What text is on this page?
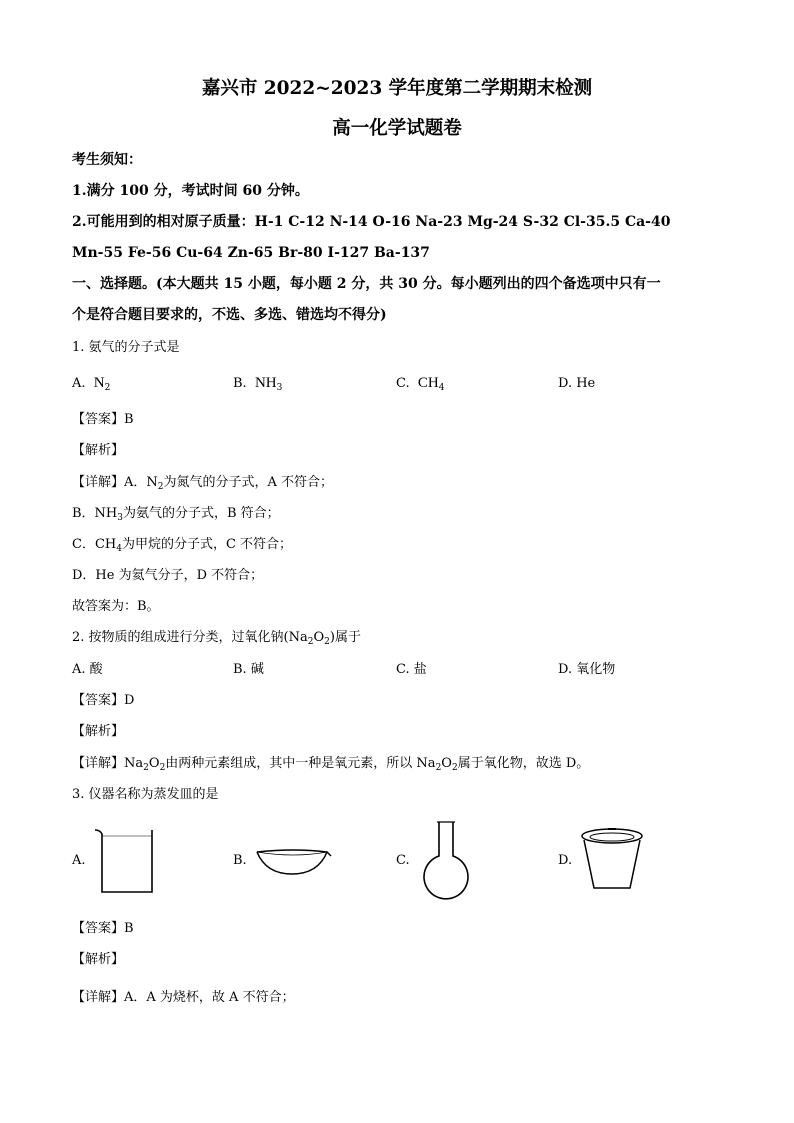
嘉兴市 2022~2023 学年度第二学期期末检测
高一化学试题卷
考生须知：
1.满分 100 分，考试时间 60 分钟。
2.可能用到的相对原子质量：H-1 C-12 N-14 O-16 Na-23 Mg-24 S-32 Cl-35.5 Ca-40
Mn-55 Fe-56 Cu-64 Zn-65 Br-80 I-127 Ba-137
一、选择题。(本大题共 15 小题，每小题 2 分，共 30 分。每小题列出的四个备选项中只有一
个是符合题目要求的，不选、多选、错选均不得分)
1. 氨气的分子式是
A. $N_2$	B. $NH_3$	C. $CH_4$	D. He
【答案】B
【解析】
【详解】A．$N_2$为氮气的分子式，A 不符合；
B．$NH_3$为氨气的分子式，B 符合；
C．$CH_4$为甲烷的分子式，C 不符合；
D．He 为氦气分子，D 不符合；
故答案为：B。
2. 按物质的组成进行分类，过氧化钠$(Na_2O_2)$属于
A. 酸	B. 碱	C. 盐	D. 氧化物
【答案】D
【解析】
【详解】$Na_2O_2$由两种元素组成，其中一种是氧元素，所以 $Na_2O_2$属于氧化物，故选 D。
3. 仪器名称为蒸发皿的是
A.	B.	C.	D.
【答案】B
【解析】
【详解】A．A 为烧杯，故 A 不符合；
